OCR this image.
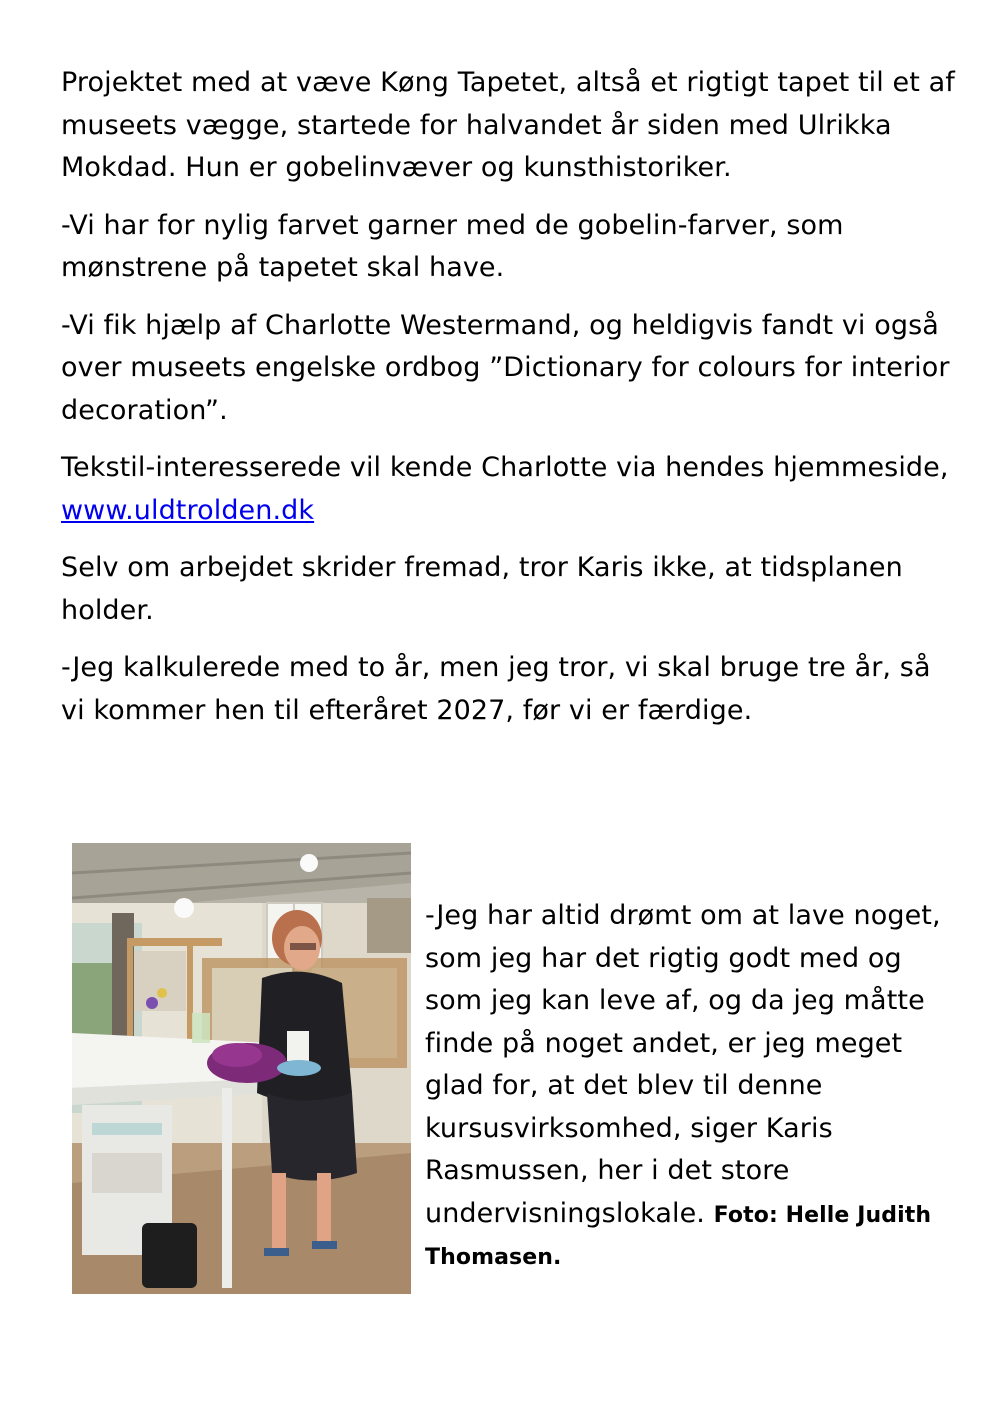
Projektet med at væve Køng Tapetet, altså et rigtigt tapet til et af museets vægge, startede for halvandet år siden med Ulrikka Mokdad. Hun er gobelinvæver og kunsthistoriker.

-Vi har for nylig farvet garner med de gobelin-farver, som mønstrene på tapetet skal have.

-Vi fik hjælp af Charlotte Westermand, og heldigvis fandt vi også over museets engelske ordbog ”Dictionary for colours for interior decoration”.

Tekstil-interesserede vil kende Charlotte via hendes hjemmeside, www.uldtrolden.dk

Selv om arbejdet skrider fremad, tror Karis ikke, at tidsplanen holder.

-Jeg kalkulerede med to år, men jeg tror, vi skal bruge tre år, så vi kommer hen til efteråret 2027, før vi er færdige.

-Jeg har altid drømt om at lave noget, som jeg har det rigtig godt med og som jeg kan leve af, og da jeg måtte finde på noget andet, er jeg meget glad for, at det blev til denne kursusvirksomhed, siger Karis Rasmussen, her i det store undervisningslokale. Foto: Helle Judith Thomasen.
